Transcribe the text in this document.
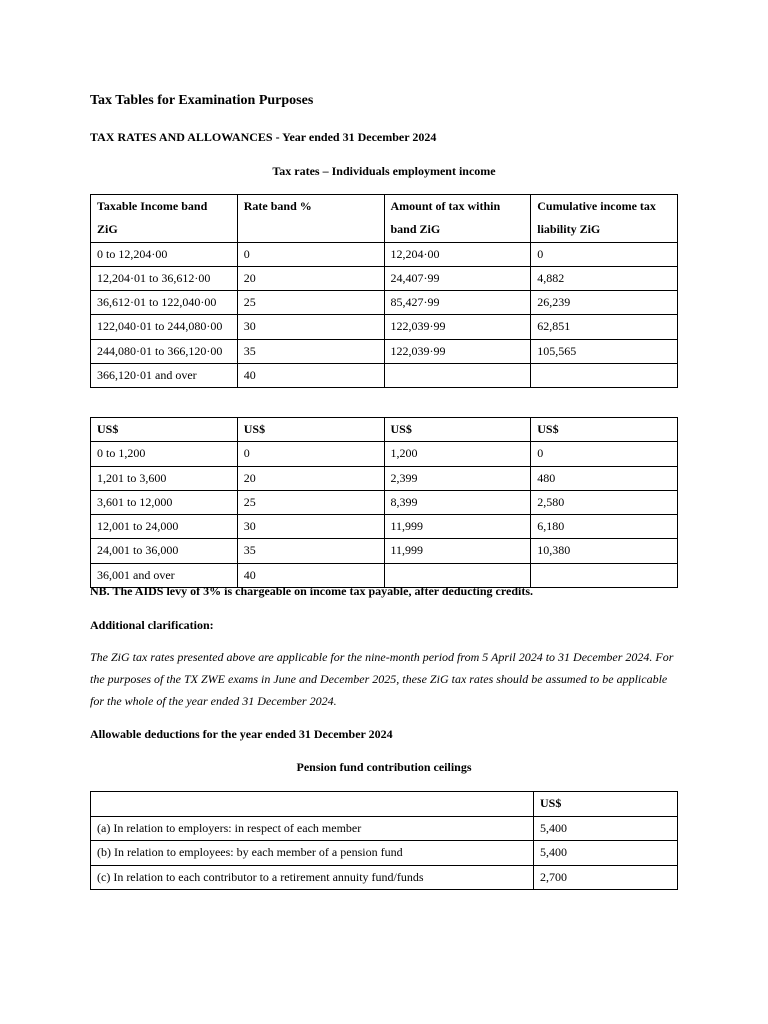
Tax Tables for Examination Purposes
TAX RATES AND ALLOWANCES - Year ended 31 December 2024

Tax rates – Individuals employment income

Taxable Income band ZiG	Rate band %	Amount of tax within band ZiG	Cumulative income tax liability ZiG
0 to 12,204·00	0	12,204·00	0
12,204·01 to 36,612·00	20	24,407·99	4,882
36,612·01 to 122,040·00	25	85,427·99	26,239
122,040·01 to 244,080·00	30	122,039·99	62,851
244,080·01 to 366,120·00	35	122,039·99	105,565
366,120·01 and over	40		
US$	US$	US$	US$
0 to 1,200	0	1,200	0
1,201 to 3,600	20	2,399	480
3,601 to 12,000	25	8,399	2,580
12,001 to 24,000	30	11,999	6,180
24,001 to 36,000	35	11,999	10,380
36,001 and over	40		

NB. The AIDS levy of 3% is chargeable on income tax payable, after deducting credits.

Additional clarification:

The ZiG tax rates presented above are applicable for the nine-month period from 5 April 2024 to 31 December 2024. For the purposes of the TX ZWE exams in June and December 2025, these ZiG tax rates should be assumed to be applicable for the whole of the year ended 31 December 2024.

Allowable deductions for the year ended 31 December 2024

Pension fund contribution ceilings

	US$
(a) In relation to employers: in respect of each member	5,400
(b) In relation to employees: by each member of a pension fund	5,400
(c) In relation to each contributor to a retirement annuity fund/funds	2,700
